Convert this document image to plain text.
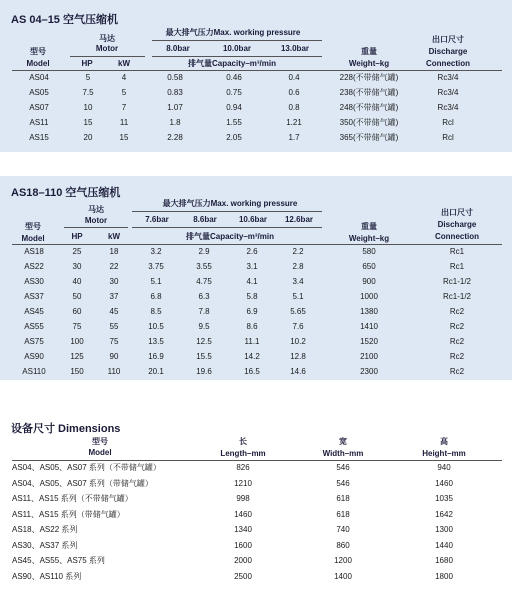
AS 04–15 空气压缩机
最大排气压力Max. working pressure
马达	出口尺寸
8.0bar	10.0bar	13.0bar
Motor
型号	重量	Discharge
Model	HP	kW	排气量Capacity–m³/min	Weight–kg	Connection
AS04	5	4	0.58	0.46	0.4	228(不带储气罐)	Rc3/4
AS05	7.5	5	0.83	0.75	0.6	238(不带储气罐)	Rc3/4
AS07	10	7	1.07	0.94	0.8	248(不带储气罐)	Rc3/4
AS11	15	11	1.8	1.55	1.21	350(不带储气罐)	Rcl
AS15	20	15	2.28	2.05	1.7	365(不带储气罐)	Rcl
AS18–110 空气压缩机
最大排气压力Max. working pressure
马达	出口尺寸
7.6bar	8.6bar	10.6bar 12.6bar
Motor
型号	重量	Discharge
HP	kW	排气量Capacity–m³/min
Model	Weight–kg	Connection
AS18	25	18	3.2	2.9	2.6	2.2	580	Rc1
AS22	30	22	3.75	3.55	3.1	2.8	650	Rc1
AS30	40	30	5.1	4.75	4.1	3.4	900	Rc1-1/2
AS37	50	37	6.8	6.3	5.8	5.1	1000	Rc1-1/2
AS45	60	45	8.5	7.8	6.9	5.65	1380	Rc2
AS55	75	55	10.5	9.5	8.6	7.6	1410	Rc2
AS75	100	75	13.5	12.5	11.1	10.2	1520	Rc2
AS90	125	90	16.9	15.5	14.2	12.8	2100	Rc2
AS110	150	110	20.1	19.6	16.5	14.6	2300	Rc2
设备尺寸 Dimensions
型号	长	宽	高
Model	Length–mm	Width–mm	Height–mm
AS04、AS05、AS07 系列（不带储气罐）	826	546	940
AS04、AS05、AS07 系列（带储气罐）	1210	546	1460
AS11、AS15 系列（不带储气罐）	998	618	1035
AS11、AS15 系列（带储气罐）	1460	618	1642
AS18、AS22 系列	1340	740	1300
AS30、AS37 系列	1600	860	1440
AS45、AS55、AS75 系列	2000	1200	1680
AS90、AS110 系列	2500	1400	1800
